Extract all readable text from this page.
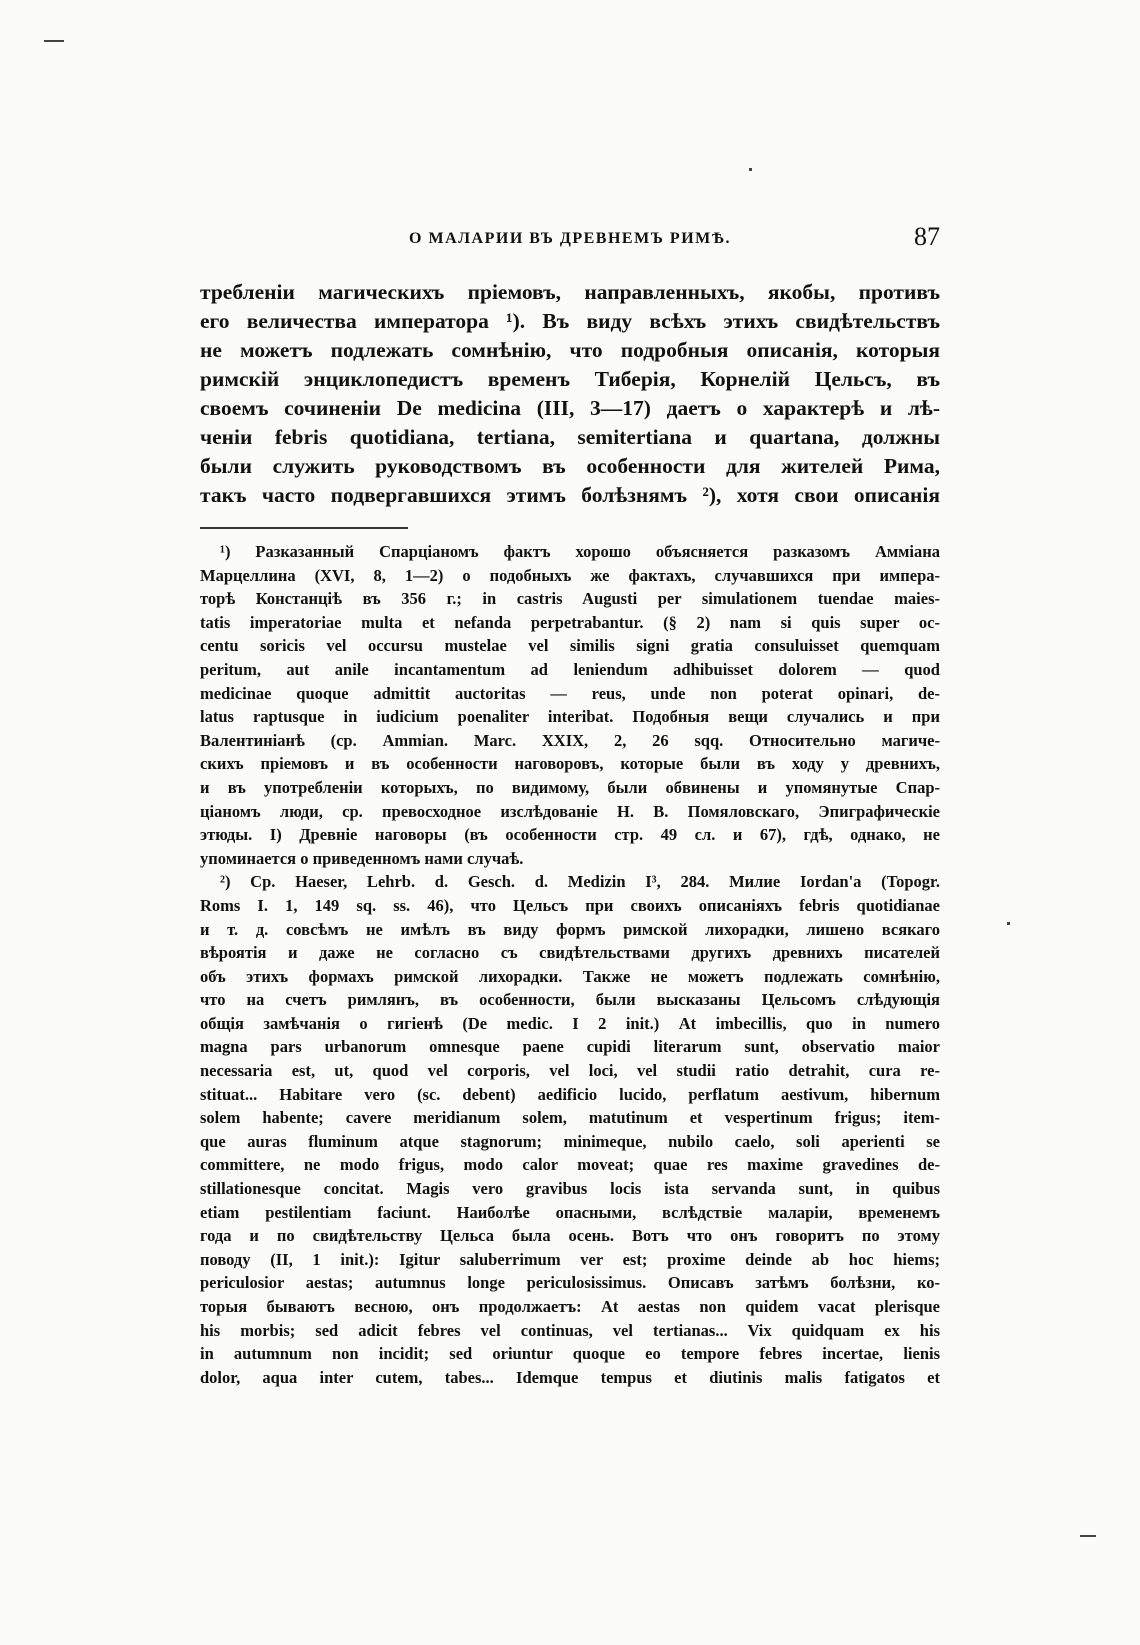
О МАЛАРИИ ВЪ ДРЕВНЕМЪ РИМѢ.	87
требленіи магическихъ пріемовъ, направленныхъ, якобы, противъ
его величества императора ¹). Въ виду всѣхъ этихъ свидѣтельствъ
не можетъ подлежать сомнѣнію, что подробныя описанія, которыя
римскій энциклопедистъ временъ Тиберія, Корнелій Цельсъ, въ
своемъ сочиненіи De medicina (III, 3—17) даетъ о характерѣ и лѣ-
ченіи febris quotidiana, tertiana, semitertiana и quartana, должны
были служить руководствомъ въ особенности для жителей Рима,
такъ часто подвергавшихся этимъ болѣзнямъ ²), хотя свои описанія
¹) Разказанный Спарціаномъ фактъ хорошо объясняется разказомъ Аммiана
Марцеллина (XVI, 8, 1—2) о подобныхъ же фактахъ, случавшихся при импера-
торѣ Констанціѣ въ 356 г.; in castris Augusti per simulationem tuendae maies-
tatis imperatoriae multa et nefanda perpetrabantur. (§ 2) nam si quis super oc-
centu soricis vel occursu mustelae vel similis signi gratia consuluisset quemquam
peritum, aut anile incantamentum ad leniendum adhibuisset dolorem — quod
medicinae quoque admittit auctoritas — reus, unde non poterat opinari, de-
latus raptusque in iudicium poenaliter interibat. Подобныя вещи случались и при
Валентиніанѣ (ср. Ammian. Marc. XXIX, 2, 26 sqq. Относительно магиче-
скихъ пріемовъ и въ особенности наговоровъ, которые были въ ходу у древнихъ,
и въ употребленіи которыхъ, по видимому, были обвинены и упомянутые Спар-
ціаномъ люди, ср. превосходное изслѣдованіе Н. В. Помяловскаго, Эпиграфическіе
этюды. I) Древніе наговоры (въ особенности стр. 49 сл. и 67), гдѣ, однако, не
упоминается о приведенномъ нами случаѣ.
²) Ср. Haeser, Lehrb. d. Gesch. d. Medizin I³, 284. Mилие Iordan'a (Topogr.
Roms I. 1, 149 sq. ss. 46), что Цельсъ при своихъ описаніяхъ febris quotidianae
и т. д. совсѣмъ не имѣлъ въ виду формъ римской лихорадки, лишено всякаго
вѣроятія и даже не согласно съ свидѣтельствами другихъ древнихъ писателей
объ этихъ формахъ римской лихорадки. Также не можетъ подлежать сомнѣнію,
что на счетъ римлянъ, въ особенности, были высказаны Цельсомъ слѣдующія
общія замѣчанія о гигіенѣ (De medic. I 2 init.) At imbecillis, quo in numero
magna pars urbanorum omnesque paene cupidi literarum sunt, observatio maior
necessaria est, ut, quod vel corporis, vel loci, vel studii ratio detrahit, cura re-
stituat... Habitare vero (sc. debent) aedificio lucido, perflatum aestivum, hibernum
solem habente; cavere meridianum solem, matutinum et vespertinum frigus; item-
que auras fluminum atque stagnorum; minimeque, nubilo caelo, soli aperienti se
committere, ne modo frigus, modo calor moveat; quae res maxime gravedines de-
stillationesque concitat. Magis vero gravibus locis ista servanda sunt, in quibus
etiam pestilentiam faciunt. Наиболѣе опасными, вслѣдствіе маларіи, временемъ
года и по свидѣтельству Цельса была осень. Вотъ что онъ говоритъ по этому
поводу (II, 1 init.): Igitur saluberrimum ver est; proxime deinde ab hoc hiems;
periculosior aestas; autumnus longe periculosissimus. Описавъ затѣмъ болѣзни, ко-
торыя бываютъ весною, онъ продолжаетъ: At aestas non quidem vacat plerisque
his morbis; sed adicit febres vel continuas, vel tertianas... Vix quidquam ex his
in autumnum non incidit; sed oriuntur quoque eo tempore febres incertae, lienis
dolor, aqua inter cutem, tabes... Idemque tempus et diutinis malis fatigatos et
